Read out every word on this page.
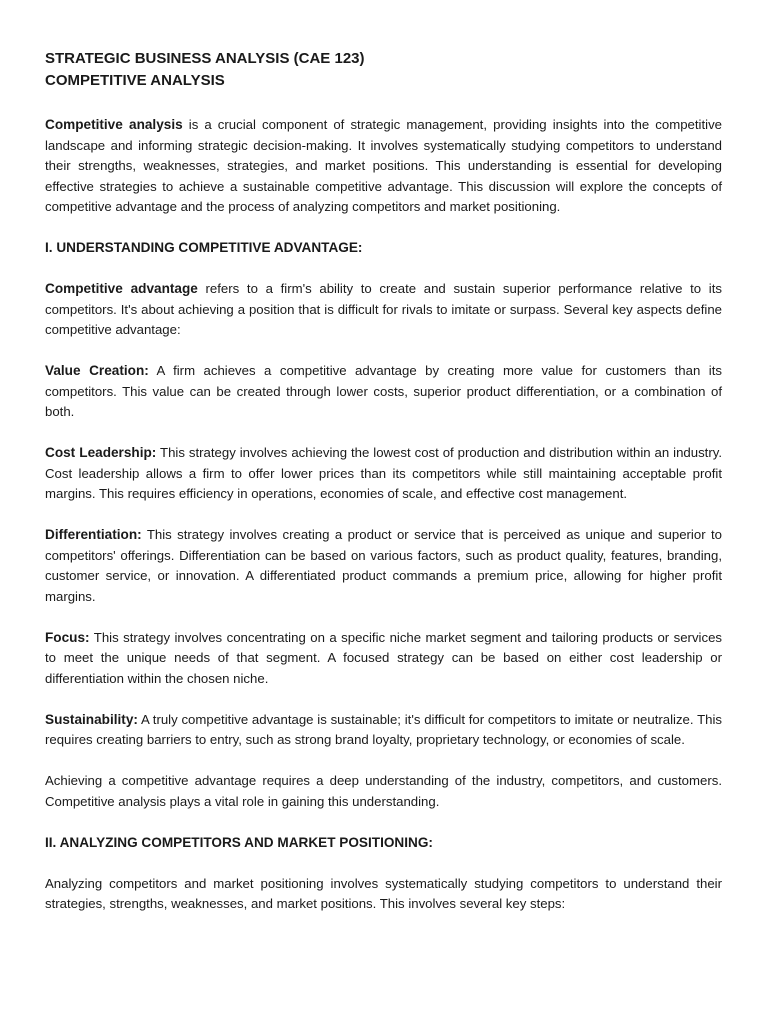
STRATEGIC BUSINESS ANALYSIS (CAE 123)
COMPETITIVE ANALYSIS

Competitive analysis is a crucial component of strategic management, providing insights into the competitive landscape and informing strategic decision-making. It involves systematically studying competitors to understand their strengths, weaknesses, strategies, and market positions. This understanding is essential for developing effective strategies to achieve a sustainable competitive advantage. This discussion will explore the concepts of competitive advantage and the process of analyzing competitors and market positioning.

I. UNDERSTANDING COMPETITIVE ADVANTAGE:

Competitive advantage refers to a firm's ability to create and sustain superior performance relative to its competitors. It's about achieving a position that is difficult for rivals to imitate or surpass. Several key aspects define competitive advantage:

Value Creation: A firm achieves a competitive advantage by creating more value for customers than its competitors. This value can be created through lower costs, superior product differentiation, or a combination of both.

Cost Leadership: This strategy involves achieving the lowest cost of production and distribution within an industry. Cost leadership allows a firm to offer lower prices than its competitors while still maintaining acceptable profit margins. This requires efficiency in operations, economies of scale, and effective cost management.

Differentiation: This strategy involves creating a product or service that is perceived as unique and superior to competitors' offerings. Differentiation can be based on various factors, such as product quality, features, branding, customer service, or innovation. A differentiated product commands a premium price, allowing for higher profit margins.

Focus: This strategy involves concentrating on a specific niche market segment and tailoring products or services to meet the unique needs of that segment. A focused strategy can be based on either cost leadership or differentiation within the chosen niche.

Sustainability: A truly competitive advantage is sustainable; it's difficult for competitors to imitate or neutralize. This requires creating barriers to entry, such as strong brand loyalty, proprietary technology, or economies of scale.

Achieving a competitive advantage requires a deep understanding of the industry, competitors, and customers. Competitive analysis plays a vital role in gaining this understanding.

II. ANALYZING COMPETITORS AND MARKET POSITIONING:

Analyzing competitors and market positioning involves systematically studying competitors to understand their strategies, strengths, weaknesses, and market positions. This involves several key steps:
